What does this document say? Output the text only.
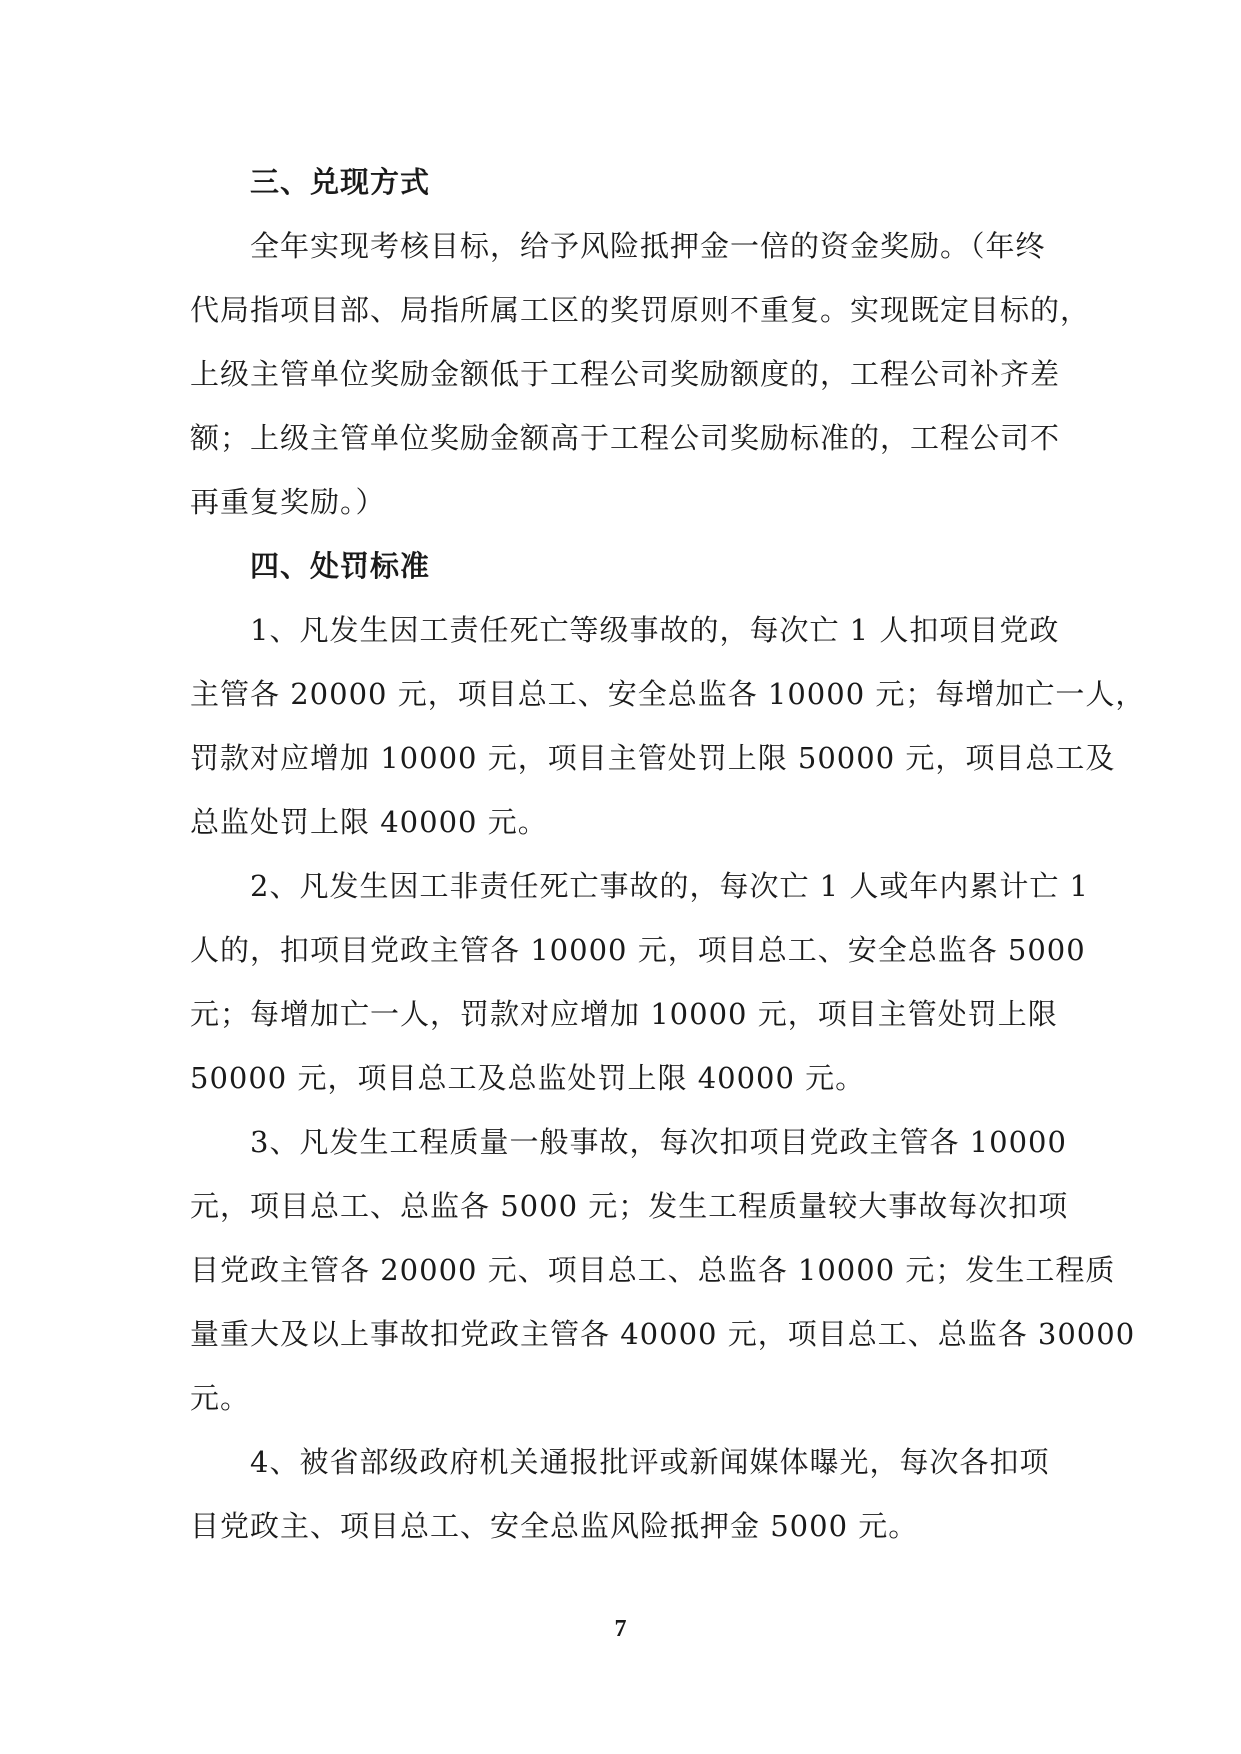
三、兑现方式

全年实现考核目标，给予风险抵押金一倍的资金奖励。（年终
代局指项目部、局指所属工区的奖罚原则不重复。实现既定目标的，
上级主管单位奖励金额低于工程公司奖励额度的，工程公司补齐差
额；上级主管单位奖励金额高于工程公司奖励标准的，工程公司不
再重复奖励。）

四、处罚标准

1、凡发生因工责任死亡等级事故的，每次亡 1 人扣项目党政
主管各 20000 元，项目总工、安全总监各 10000 元；每增加亡一人，
罚款对应增加 10000 元，项目主管处罚上限 50000 元，项目总工及
总监处罚上限 40000 元。
2、凡发生因工非责任死亡事故的，每次亡 1 人或年内累计亡 1
人的，扣项目党政主管各 10000 元，项目总工、安全总监各 5000
元；每增加亡一人，罚款对应增加 10000 元，项目主管处罚上限
50000 元，项目总工及总监处罚上限 40000 元。
3、凡发生工程质量一般事故，每次扣项目党政主管各 10000
元，项目总工、总监各 5000 元；发生工程质量较大事故每次扣项
目党政主管各 20000 元、项目总工、总监各 10000 元；发生工程质
量重大及以上事故扣党政主管各 40000 元，项目总工、总监各 30000
元。
4、被省部级政府机关通报批评或新闻媒体曝光，每次各扣项
目党政主、项目总工、安全总监风险抵押金 5000 元。
7
